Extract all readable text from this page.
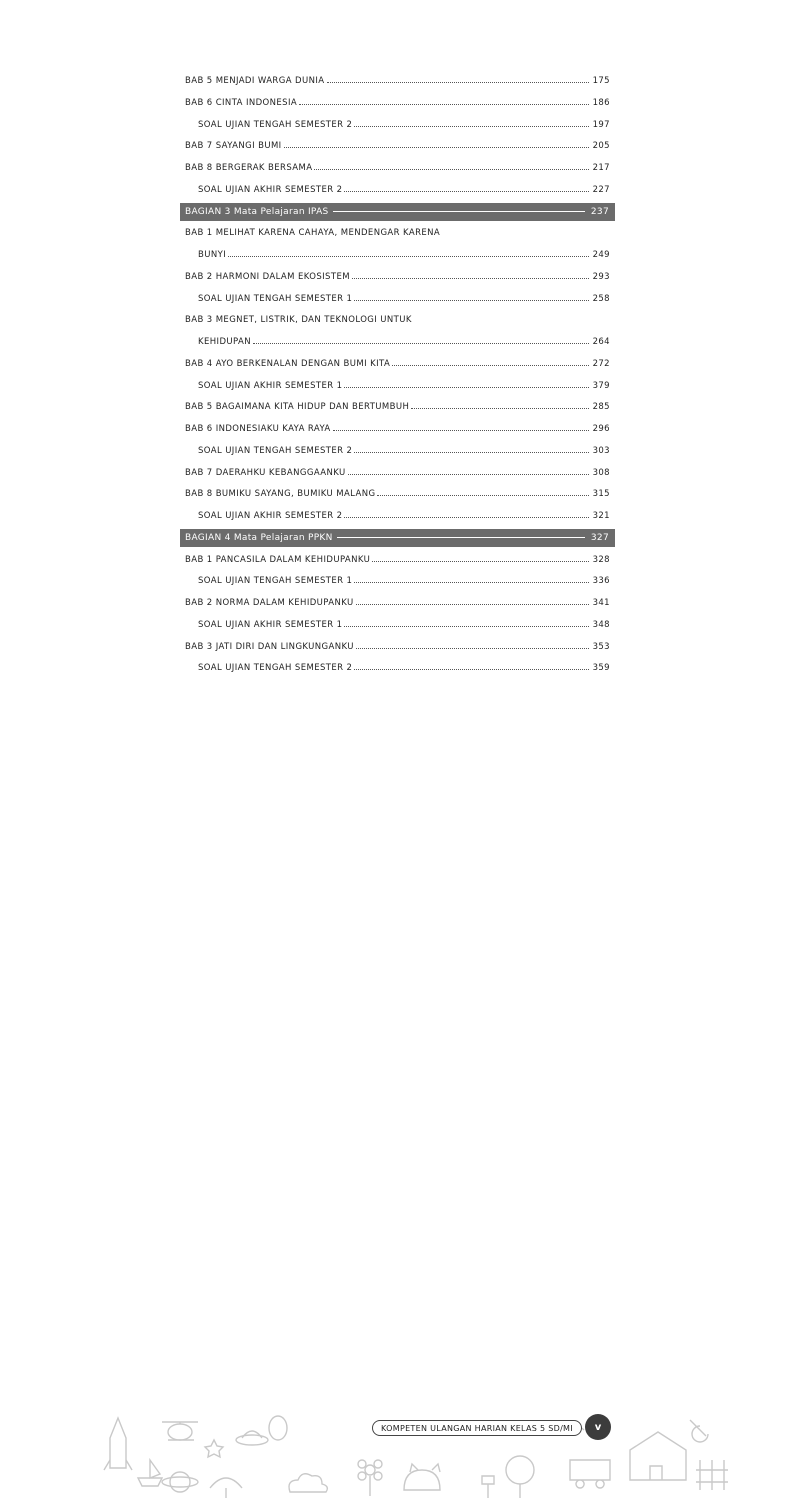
BAB 5 MENJADI WARGA DUNIA	175
BAB 6 CINTA INDONESIA	186
SOAL UJIAN TENGAH SEMESTER 2	197
BAB 7 SAYANGI BUMI	205
BAB 8 BERGERAK BERSAMA	217
SOAL UJIAN AKHIR SEMESTER 2	227
BAGIAN 3 Mata Pelajaran IPAS	237
BAB 1 MELIHAT KARENA CAHAYA, MENDENGAR KARENA
BUNYI	249
BAB 2 HARMONI DALAM EKOSISTEM	293
SOAL UJIAN TENGAH SEMESTER 1	258
BAB 3 MEGNET, LISTRIK, DAN TEKNOLOGI UNTUK
KEHIDUPAN	264
BAB 4 AYO BERKENALAN DENGAN BUMI KITA	272
SOAL UJIAN AKHIR SEMESTER 1	379
BAB 5 BAGAIMANA KITA HIDUP DAN BERTUMBUH	285
BAB 6 INDONESIAKU KAYA RAYA	296
SOAL UJIAN TENGAH SEMESTER 2	303
BAB 7 DAERAHKU KEBANGGAANKU	308
BAB 8 BUMIKU SAYANG, BUMIKU MALANG	315
SOAL UJIAN AKHIR SEMESTER 2	321
BAGIAN 4 Mata Pelajaran PPKN	327
BAB 1 PANCASILA DALAM KEHIDUPANKU	328
SOAL UJIAN TENGAH SEMESTER 1	336
BAB 2 NORMA DALAM KEHIDUPANKU	341
SOAL UJIAN AKHIR SEMESTER 1	348
BAB 3 JATI DIRI DAN LINGKUNGANKU	353
SOAL UJIAN TENGAH SEMESTER 2	359
KOMPETEN ULANGAN HARIAN KELAS 5 SD/MI	v
